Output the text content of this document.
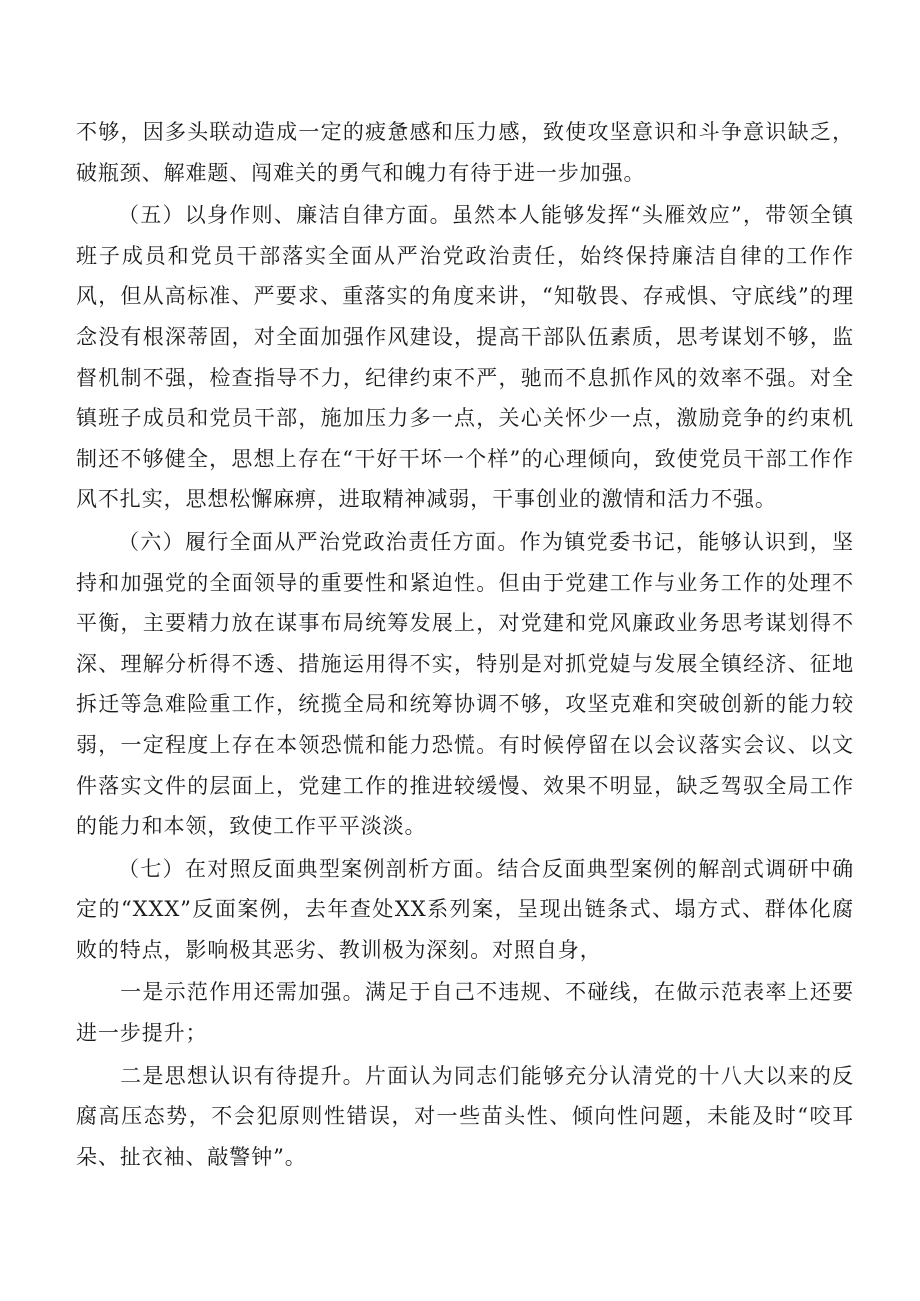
不够，因多头联动造成一定的疲惫感和压力感，致使攻坚意识和斗争意识缺乏，破瓶颈、解难题、闯难关的勇气和魄力有待于进一步加强。

（五）以身作则、廉洁自律方面。虽然本人能够发挥“头雁效应”，带领全镇班子成员和党员干部落实全面从严治党政治责任，始终保持廉洁自律的工作作风，但从高标准、严要求、重落实的角度来讲，“知敬畏、存戒惧、守底线”的理念没有根深蒂固，对全面加强作风建设，提高干部队伍素质，思考谋划不够，监督机制不强，检查指导不力，纪律约束不严，驰而不息抓作风的效率不强。对全镇班子成员和党员干部，施加压力多一点，关心关怀少一点，激励竞争的约束机制还不够健全，思想上存在“干好干坏一个样”的心理倾向，致使党员干部工作作风不扎实，思想松懈麻痹，进取精神减弱，干事创业的激情和活力不强。

（六）履行全面从严治党政治责任方面。作为镇党委书记，能够认识到，坚持和加强党的全面领导的重要性和紧迫性。但由于党建工作与业务工作的处理不平衡，主要精力放在谋事布局统筹发展上，对党建和党风廉政业务思考谋划得不深、理解分析得不透、措施运用得不实，特别是对抓党媫与发展全镇经济、征地拆迁等急难险重工作，统揽全局和统筹协调不够，攻坚克难和突破创新的能力较弱，一定程度上存在本领恐慌和能力恐慌。有时候停留在以会议落实会议、以文件落实文件的层面上，党建工作的推进较缓慢、效果不明显，缺乏驾驭全局工作的能力和本领，致使工作平平淡淡。

（七）在对照反面典型案例剖析方面。结合反面典型案例的解剖式调研中确定的“XXX”反面案例，去年查处XX系列案，呈现出链条式、塌方式、群体化腐败的特点，影响极其恶劣、教训极为深刻。对照自身，

一是示范作用还需加强。满足于自己不违规、不碰线，在做示范表率上还要进一步提升；

二是思想认识有待提升。片面认为同志们能够充分认清党的十八大以来的反腐高压态势，不会犯原则性错误，对一些苗头性、倾向性问题，未能及时“咬耳朵、扯衣袖、敲警钟”。
